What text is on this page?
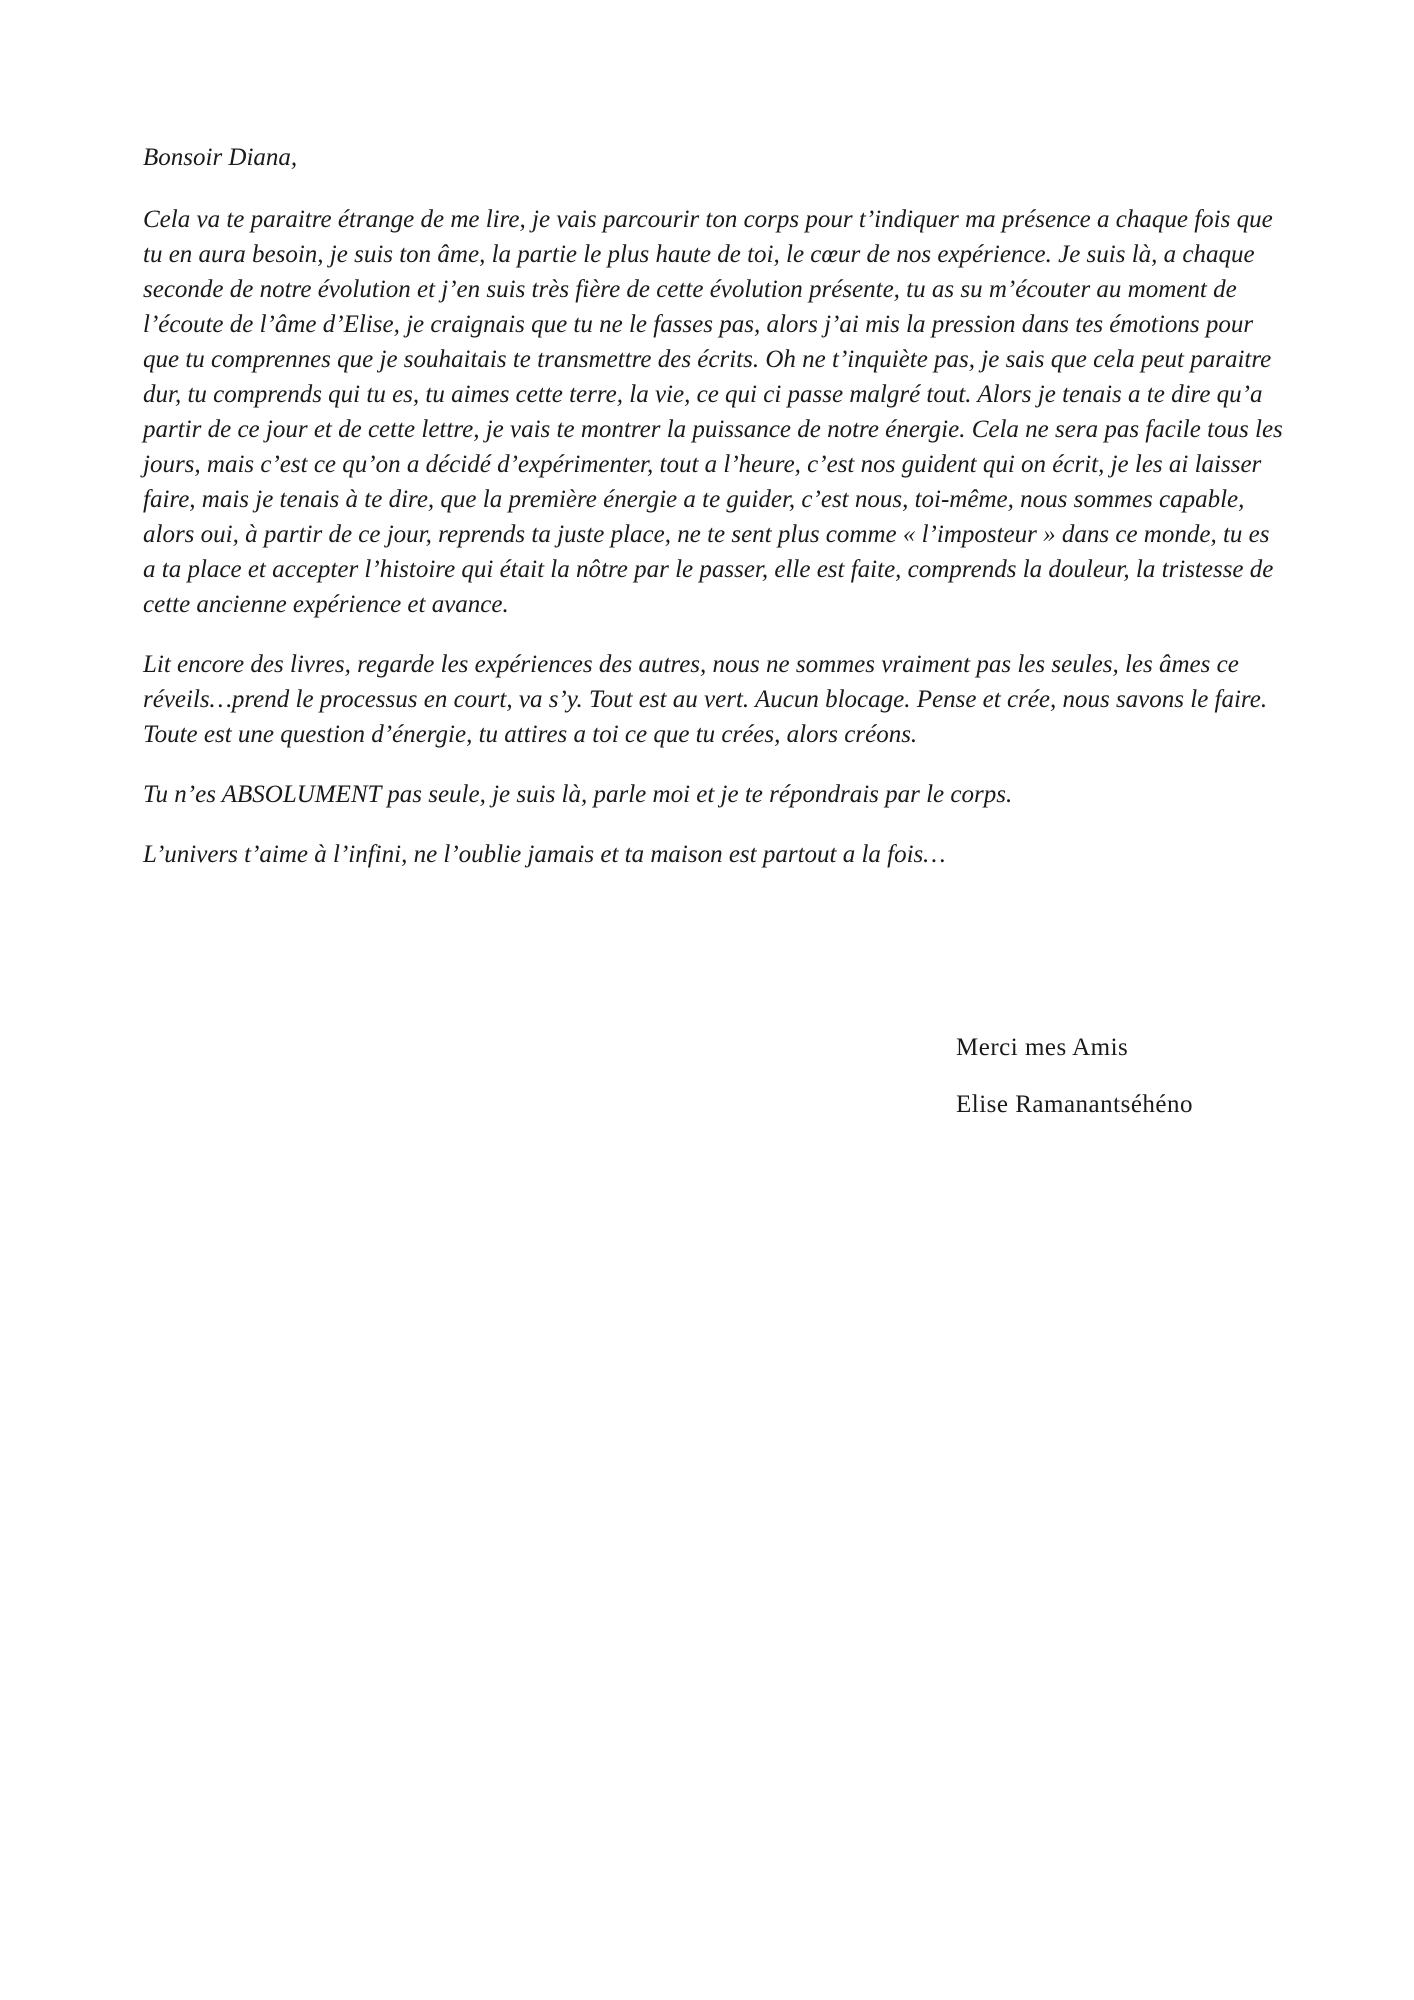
Bonsoir Diana,

Cela va te paraitre étrange de me lire, je vais parcourir ton corps pour t’indiquer ma présence a chaque fois que

tu en aura besoin, je suis ton âme, la partie le plus haute de toi, le cœur de nos expérience. Je suis là, a chaque seconde de notre évolution et j’en suis très fière de cette évolution présente, tu as su m’écouter au moment de l’écoute de l’âme d’Elise, je craignais que tu ne le fasses pas, alors j’ai mis la pression dans tes émotions pour que tu comprennes que je souhaitais te transmettre des écrits. Oh ne t’inquiète pas, je sais que cela peut paraitre dur, tu comprends qui tu es, tu aimes cette terre, la vie, ce qui ci passe malgré tout. Alors je tenais a te dire qu’a partir de ce jour et de cette lettre, je vais te montrer la puissance de notre énergie. Cela ne sera pas facile tous les jours, mais c’est ce qu’on a décidé d’expérimenter, tout a l’heure, c’est nos guident qui on écrit, je les ai laisser faire, mais je tenais à te dire, que la première énergie a te guider, c’est nous, toi-même, nous sommes capable, alors oui, à partir de ce jour, reprends ta juste place, ne te sent plus comme « l’imposteur » dans ce monde, tu es a ta place et accepter l’histoire qui était la nôtre par le passer, elle est faite, comprends la douleur, la tristesse de cette ancienne expérience et avance.

Lit encore des livres, regarde les expériences des autres, nous ne sommes vraiment pas les seules, les âmes ce réveils…prend le processus en court, va s’y. Tout est au vert. Aucun blocage. Pense et crée, nous savons le faire. Toute est une question d’énergie, tu attires a toi ce que tu crées, alors créons.

Tu n’es ABSOLUMENT pas seule, je suis là, parle moi et je te répondrais par le corps.

L’univers t’aime à l’infini, ne l’oublie jamais et ta maison est partout a la fois…

Merci mes Amis

Elise Ramanantséhéno
